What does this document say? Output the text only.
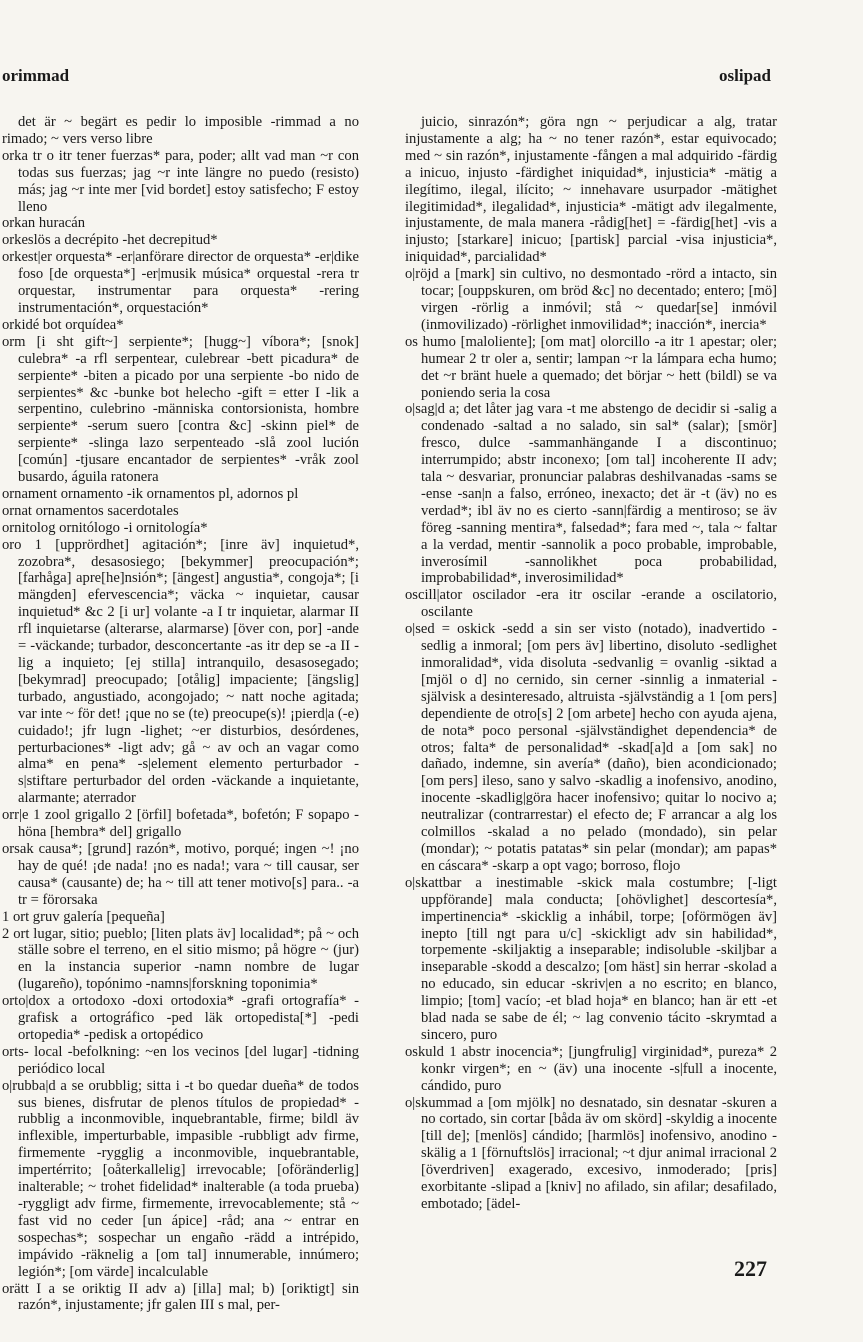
orimmad	oslipad

det är ~ begärt es pedir lo imposible -rimmad a no rimado; ~ vers verso libre

orka tr o itr tener fuerzas* para, poder; allt vad man ~r con todas sus fuerzas; jag ~r inte längre no puedo (resisto) más; jag ~r inte mer [vid bordet] estoy satisfecho; F estoy lleno

orkan huracán

orkeslös a decrépito -het decrepitud*

orkest|er orquesta* -er|anförare director de orquesta* -er|dike foso [de orquesta*] -er|musik música* orquestal -rera tr orquestar, instrumentar para orquesta* -rering instrumentación*, orquestación*

orkidé bot orquídea*

orm [i sht gift~] serpiente*; [hugg~] víbora*; [snok] culebra* -a rfl serpentear, culebrear -bett picadura* de serpiente* -biten a picado por una serpiente -bo nido de serpientes* &c -bunke bot helecho -gift = etter I -lik a serpentino, culebrino -människa contorsionista, hombre serpiente* -serum suero [contra &c] -skinn piel* de serpiente* -slinga lazo serpenteado -slå zool lución [común] -tjusare encantador de serpientes* -vråk zool busardo, águila ratonera

ornament ornamento -ik ornamentos pl, adornos pl

ornat ornamentos sacerdotales

ornitolog ornitólogo -i ornitología*

oro 1 [upprördhet] agitación*; [inre äv] inquietud*, zozobra*, desasosiego; [bekymmer] preocupación*; [farhåga] apre[he]nsión*; [ängest] angustia*, congoja*; [i mängden] efervescencia*; väcka ~ inquietar, causar inquietud* &c 2 [i ur] volante -a I tr inquietar, alarmar II rfl inquietarse (alterarse, alarmarse) [över con, por] -ande = -väckande; turbador, desconcertante -as itr dep se -a II -lig a inquieto; [ej stilla] intranquilo, desasosegado; [bekymrad] preocupado; [otålig] impaciente; [ängslig] turbado, angustiado, acongojado; ~ natt noche agitada; var inte ~ för det! ¡que no se (te) preocupe(s)! ¡pierd|a (-e) cuidado!; jfr lugn -lighet; ~er disturbios, desórdenes, perturbaciones* -ligt adv; gå ~ av och an vagar como alma* en pena* -s|element elemento perturbador -s|stiftare perturbador del orden -väckande a inquietante, alarmante; aterrador

orr|e 1 zool grigallo 2 [örfil] bofetada*, bofetón; F sopapo -höna [hembra* del] grigallo

orsak causa*; [grund] razón*, motivo, porqué; ingen ~! ¡no hay de qué! ¡de nada! ¡no es nada!; vara ~ till causar, ser causa* (causante) de; ha ~ till att tener motivo[s] para.. -a tr = förorsaka

1 ort gruv galería [pequeña]

2 ort lugar, sitio; pueblo; [liten plats äv] localidad*; på ~ och ställe sobre el terreno, en el sitio mismo; på högre ~ (jur) en la instancia superior -namn nombre de lugar (lugareño), topónimo -namns|forskning toponimia*

orto|dox a ortodoxo -doxi ortodoxia* -grafi ortografía* -grafisk a ortográfico -ped läk ortopedista[*] -pedi ortopedia* -pedisk a ortopédico

orts- local -befolkning: ~en los vecinos [del lugar] -tidning periódico local

o|rubba|d a se orubblig; sitta i -t bo quedar dueña* de todos sus bienes, disfrutar de plenos títulos de propiedad* -rubblig a inconmovible, inquebrantable, firme; bildl äv inflexible, imperturbable, impasible -rubbligt adv firme, firmemente -rygglig a inconmovible, inquebrantable, impertérrito; [oåterkallelig] irrevocable; [oföränderlig] inalterable; ~ trohet fidelidad* inalterable (a toda prueba) -ryggligt adv firme, firmemente, irrevocablemente; stå ~ fast vid no ceder [un ápice] -råd; ana ~ entrar en sospechas*; sospechar un engaño -rädd a intrépido, impávido -räknelig a [om tal] innumerable, innúmero; legión*; [om värde] incalculable

orätt I a se oriktig II adv a) [illa] mal; b) [oriktigt] sin razón*, injustamente; jfr galen III s mal, per-

juicio, sinrazón*; göra ngn ~ perjudicar a alg, tratar injustamente a alg; ha ~ no tener razón*, estar equivocado; med ~ sin razón*, injustamente -fången a mal adquirido -färdig a inicuo, injusto -färdighet iniquidad*, injusticia* -mätig a ilegítimo, ilegal, ilícito; ~ innehavare usurpador -mätighet ilegitimidad*, ilegalidad*, injusticia* -mätigt adv ilegalmente, injustamente, de mala manera -rådig[het] = -färdig[het] -vis a injusto; [starkare] inicuo; [partisk] parcial -visa injusticia*, iniquidad*, parcialidad*

o|röjd a [mark] sin cultivo, no desmontado -rörd a intacto, sin tocar; [ouppskuren, om bröd &c] no decentado; entero; [mö] virgen -rörlig a inmóvil; stå ~ quedar[se] inmóvil (inmovilizado) -rörlighet inmovilidad*; inacción*, inercia*

os humo [maloliente]; [om mat] olorcillo -a itr 1 apestar; oler; humear 2 tr oler a, sentir; lampan ~r la lámpara echa humo; det ~r bränt huele a quemado; det börjar ~ hett (bildl) se va poniendo seria la cosa

o|sag|d a; det låter jag vara -t me abstengo de decidir si -salig a condenado -saltad a no salado, sin sal* (salar); [smör] fresco, dulce -sammanhängande I a discontinuo; interrumpido; abstr inconexo; [om tal] incoherente II adv; tala ~ desvariar, pronunciar palabras deshilvanadas -sams se -ense -san|n a falso, erróneo, inexacto; det är -t (äv) no es verdad*; ibl äv no es cierto -sann|färdig a mentiroso; se äv föreg -sanning mentira*, falsedad*; fara med ~, tala ~ faltar a la verdad, mentir -sannolik a poco probable, improbable, inverosímil -sannolikhet poca probabilidad, improbabilidad*, inverosimilidad*

oscill|ator oscilador -era itr oscilar -erande a oscilatorio, oscilante

o|sed = oskick -sedd a sin ser visto (notado), inadvertido -sedlig a inmoral; [om pers äv] libertino, disoluto -sedlighet inmoralidad*, vida disoluta -sedvanlig = ovanlig -siktad a [mjöl o d] no cernido, sin cerner -sinnlig a inmaterial -självisk a desinteresado, altruista -självständig a 1 [om pers] dependiente de otro[s] 2 [om arbete] hecho con ayuda ajena, de nota* poco personal -självständighet dependencia* de otros; falta* de personalidad* -skad[a]d a [om sak] no dañado, indemne, sin avería* (daño), bien acondicionado; [om pers] ileso, sano y salvo -skadlig a inofensivo, anodino, inocente -skadlig|göra hacer inofensivo; quitar lo nocivo a; neutralizar (contrarrestar) el efecto de; F arrancar a alg los colmillos -skalad a no pelado (mondado), sin pelar (mondar); ~ potatis patatas* sin pelar (mondar); am papas* en cáscara* -skarp a opt vago; borroso, flojo

o|skattbar a inestimable -skick mala costumbre; [-ligt uppförande] mala conducta; [ohövlighet] descortesía*, impertinencia* -skicklig a inhábil, torpe; [oförmögen äv] inepto [till ngt para u/c] -skickligt adv sin habilidad*, torpemente -skiljaktig a inseparable; indisoluble -skiljbar a inseparable -skodd a descalzo; [om häst] sin herrar -skolad a no educado, sin educar -skriv|en a no escrito; en blanco, limpio; [tom] vacío; -et blad hoja* en blanco; han är ett -et blad nada se sabe de él; ~ lag convenio tácito -skrymtad a sincero, puro

oskuld 1 abstr inocencia*; [jungfrulig] virginidad*, pureza* 2 konkr virgen*; en ~ (äv) una inocente -s|full a inocente, cándido, puro

o|skummad a [om mjölk] no desnatado, sin desnatar -skuren a no cortado, sin cortar [båda äv om skörd] -skyldig a inocente [till de]; [menlös] cándido; [harmlös] inofensivo, anodino -skälig a 1 [förnuftslös] irracional; ~t djur animal irracional 2 [överdriven] exagerado, excesivo, inmoderado; [pris] exorbitante -slipad a [kniv] no afilado, sin afilar; desafilado, embotado; [ädel-

227
